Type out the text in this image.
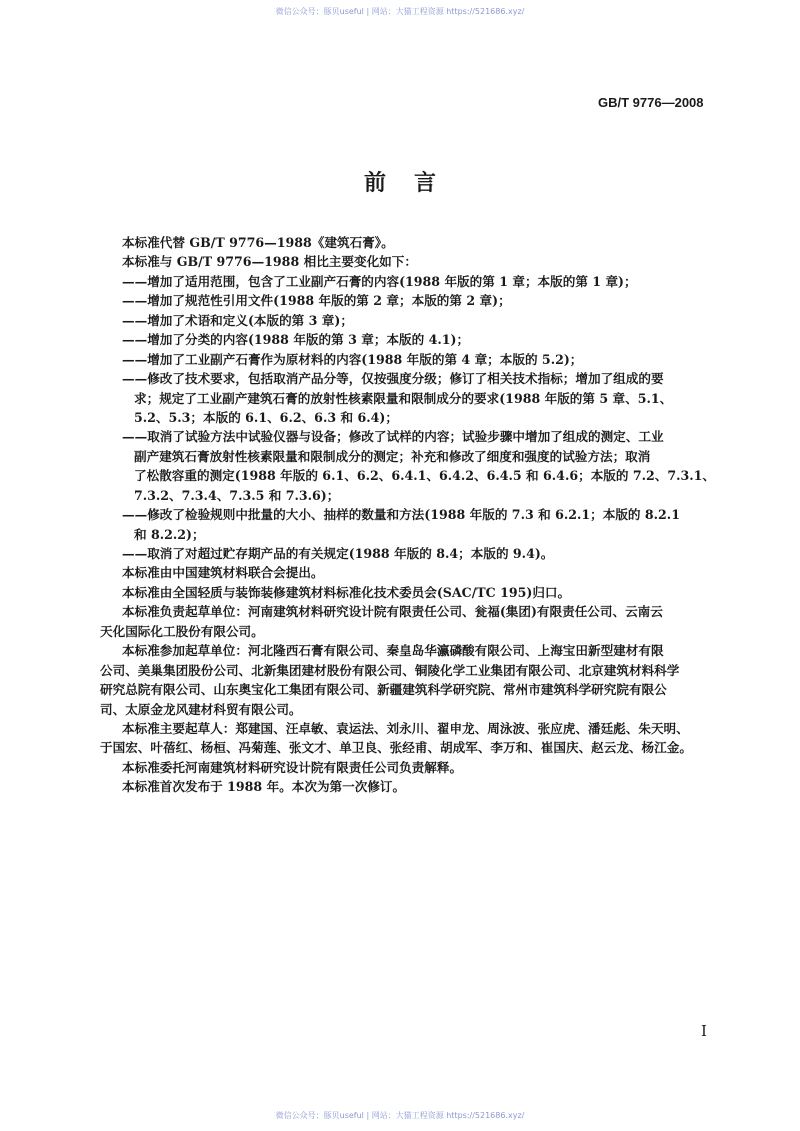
微信公众号：豚贝useful | 网站：大猫工程资源 https://521686.xyz/
GB/T 9776—2008
前言
本标准代替 GB/T 9776—1988《建筑石膏》。
本标准与 GB/T 9776—1988 相比主要变化如下：
——增加了适用范围，包含了工业副产石膏的内容(1988 年版的第 1 章；本版的第 1 章)；
——增加了规范性引用文件(1988 年版的第 2 章；本版的第 2 章)；
——增加了术语和定义(本版的第 3 章)；
——增加了分类的内容(1988 年版的第 3 章；本版的 4.1)；
——增加了工业副产石膏作为原材料的内容(1988 年版的第 4 章；本版的 5.2)；
——修改了技术要求，包括取消产品分等，仅按强度分级；修订了相关技术指标；增加了组成的要
求；规定了工业副产建筑石膏的放射性核素限量和限制成分的要求(1988 年版的第 5 章、5.1、
5.2、5.3；本版的 6.1、6.2、6.3 和 6.4)；
——取消了试验方法中试验仪器与设备；修改了试样的内容；试验步骤中增加了组成的测定、工业
副产建筑石膏放射性核素限量和限制成分的测定；补充和修改了细度和强度的试验方法；取消
了松散容重的测定(1988 年版的 6.1、6.2、6.4.1、6.4.2、6.4.5 和 6.4.6；本版的 7.2、7.3.1、
7.3.2、7.3.4、7.3.5 和 7.3.6)；
——修改了检验规则中批量的大小、抽样的数量和方法(1988 年版的 7.3 和 6.2.1；本版的 8.2.1
和 8.2.2)；
——取消了对超过贮存期产品的有关规定(1988 年版的 8.4；本版的 9.4)。
本标准由中国建筑材料联合会提出。
本标准由全国轻质与装饰装修建筑材料标准化技术委员会(SAC/TC 195)归口。
本标准负责起草单位：河南建筑材料研究设计院有限责任公司、瓮福(集团)有限责任公司、云南云
天化国际化工股份有限公司。
本标准参加起草单位：河北隆西石膏有限公司、秦皇岛华瀛磷酸有限公司、上海宝田新型建材有限
公司、美巢集团股份公司、北新集团建材股份有限公司、铜陵化学工业集团有限公司、北京建筑材料科学
研究总院有限公司、山东奥宝化工集团有限公司、新疆建筑科学研究院、常州市建筑科学研究院有限公
司、太原金龙风建材科贸有限公司。
本标准主要起草人：郑建国、汪卓敏、袁运法、刘永川、翟申龙、周泳波、张应虎、潘廷彪、朱天明、
于国宏、叶蓓红、杨桓、冯菊莲、张文才、单卫良、张经甫、胡成军、李万和、崔国庆、赵云龙、杨江金。
本标准委托河南建筑材料研究设计院有限责任公司负责解释。
本标准首次发布于 1988 年。本次为第一次修订。
I
微信公众号：豚贝useful | 网站：大猫工程资源 https://521686.xyz/
